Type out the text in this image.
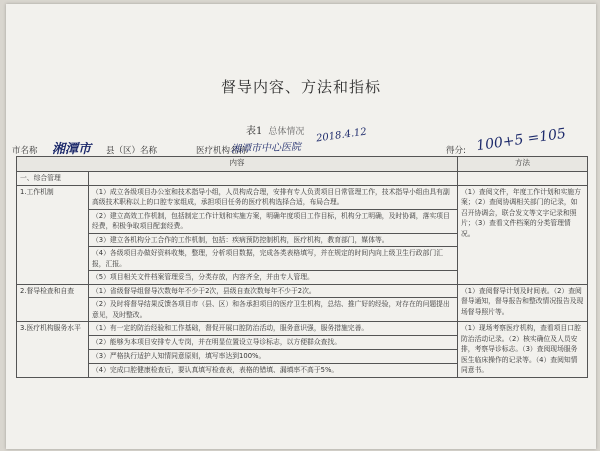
督导内容、方法和指标
表1 总体情况
市名称 湘潭市 县（区）名称	医疗机构名称
湘潭市中心医院
2018.4.12
得分: 100+5 =105
内容		方法
一、综合管理		
1.工作机制	（1）成立各级项目办公室和技术指导小组，人员构成合理，安排有专人负责项目日常管理工作，技术指导小组由具有副高级技术职称以上的口腔专家组成，承担项目任务的医疗机构选择合适，布局合理。	（1）查阅文件，年度工作计划和实施方案；（2）查阅协调相关部门的记录，如召开协调会，联合发文等文字记录和照片；（3）查看文件档案的分类管理情况。
	（2）建立高效工作机制，包括制定工作计划和实施方案，明确年度项目工作目标，机构分工明确，及时协调，落实项目经费，积极争取项目配套经费。	
	（3）建立各机构分工合作的工作机制，包括：疾病预防控制机构，医疗机构，教育部门，媒体等。	
	（4）各级项目办做好资料收集，整理，分析项目数据，完成各类表格填写，并在规定的时间内向上级卫生行政部门汇报，汇报。	
	（5）项目相关文件档案管理妥当，分类存放，内容齐全，并由专人管理。	
2.督导检查和自查	（1）省级督导组督导次数每年不少于2次，县级自查次数每年不少于2次。	（1）查阅督导计划及时间表。（2）查阅督导通知，督导报告和整改情况报告及现场督导照片等。
	（2）及时将督导结果反馈各项目市（县、区）和各承担项目的医疗卫生机构，总结、推广好的经验，对存在的问题提出意见，及时整改。	
3.医疗机构服务水平	（1）有一定的防治经验和工作基础，督促开展口腔防治活动，服务意识强，服务措施完善。	（1）现场考察医疗机构，查看项目口腔防治活动记录。（2）核实确位及人员安排，考察导诊标志。（3）查阅现场服务医生临床操作的记录等。（4）查阅知情同意书。
	（2）能够为本项目安排专人专岗，并在明显位置设立导诊标志，以方便群众查找。	
	（3）严格执行适护人知情同意原则，填写率达到100%。	
	（4）完成口腔健康检查后，要认真填写检查表，表格的错填、漏填率不高于5%。	
